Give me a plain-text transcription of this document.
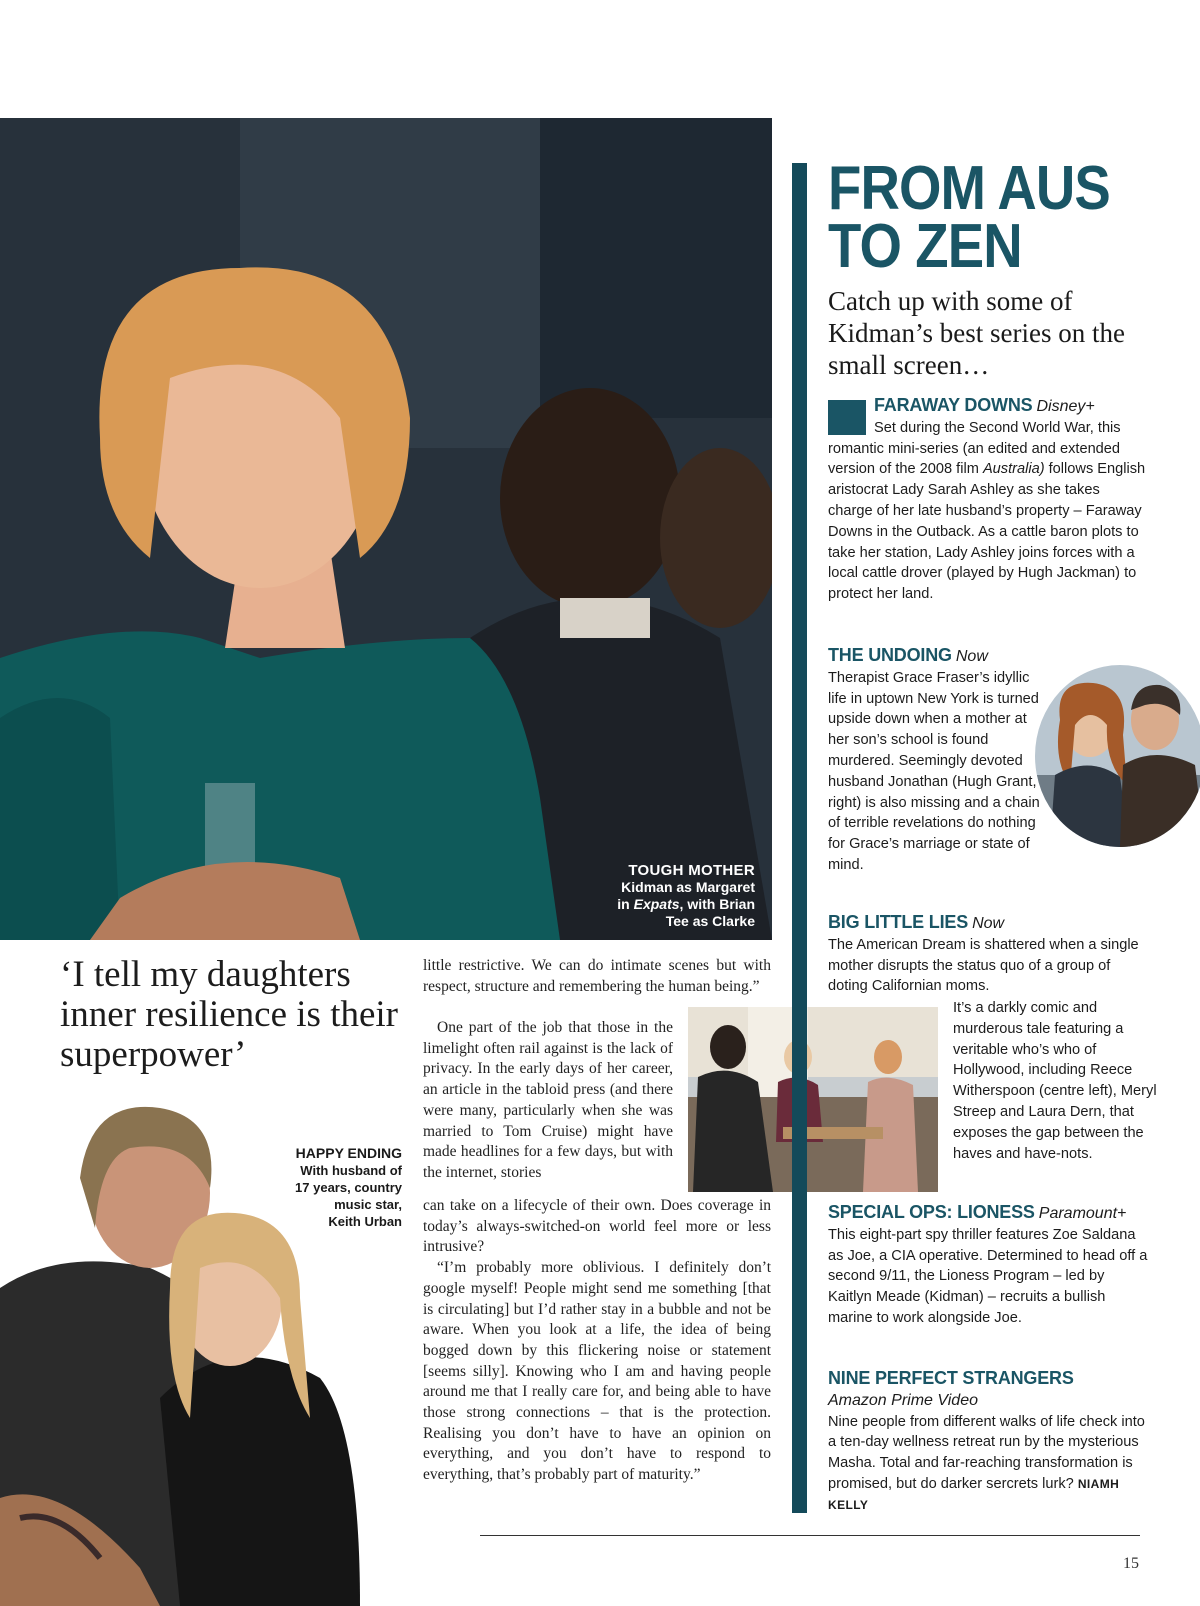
TOUGH MOTHER
Kidman as Margaret
in Expats, with Brian
Tee as Clarke
‘I tell my daughters inner resilience is their superpower’
HAPPY ENDING
With husband of
17 years, country
music star,
Keith Urban

little restrictive. We can do intimate scenes but with respect, structure and remembering the human being.”

One part of the job that those in the limelight often rail against is the lack of privacy. In the early days of her career, an article in the tabloid press (and there were many, particularly when she was married to Tom Cruise) might have made headlines for a few days, but with the internet, stories

can take on a lifecycle of their own. Does coverage in today’s always-switched-on world feel more or less intrusive?

“I’m probably more oblivious. I definitely don’t google myself! People might send me something [that is circulating] but I’d rather stay in a bubble and not be aware. When you look at a life, the idea of being bogged down by this flickering noise or statement [seems silly]. Knowing who I am and having people around me that I really care for, and being able to have those strong connections – that is the protection. Realising you don’t have to have an opinion on everything, and you don’t have to respond to everything, that’s probably part of maturity.”

FROM AUS
TO ZEN
Catch up with some of Kidman’s best series on the small screen…

FARAWAY DOWNS Disney+

Set during the Second World War, this romantic mini-series (an edited and extended version of the 2008 film Australia) follows English aristocrat Lady Sarah Ashley as she takes charge of her late husband’s property – Faraway Downs in the Outback. As a cattle baron plots to take her station, Lady Ashley joins forces with a local cattle drover (played by Hugh Jackman) to protect her land.

THE UNDOING Now

Therapist Grace Fraser’s idyllic life in uptown New York is turned upside down when a mother at her son’s school is found murdered. Seemingly devoted husband Jonathan (Hugh Grant, right) is also missing and a chain of terrible revelations do nothing for Grace’s marriage or state of mind.

BIG LITTLE LIES Now

The American Dream is shattered when a single mother disrupts the status quo of a group of doting Californian moms.

It’s a darkly comic and murderous tale featuring a veritable who’s who of Hollywood, including Reece Witherspoon (centre left), Meryl Streep and Laura Dern, that exposes the gap between the haves and have-nots.

SPECIAL OPS: LIONESS Paramount+

This eight-part spy thriller features Zoe Saldana as Joe, a CIA operative. Determined to head off a second 9/11, the Lioness Program – led by Kaitlyn Meade (Kidman) – recruits a bullish marine to work alongside Joe.

NINE PERFECT STRANGERS

Amazon Prime Video

Nine people from different walks of life check into a ten-day wellness retreat run by the mysterious Masha. Total and far-reaching transformation is promised, but do darker sercrets lurk? NIAMH KELLY

15
